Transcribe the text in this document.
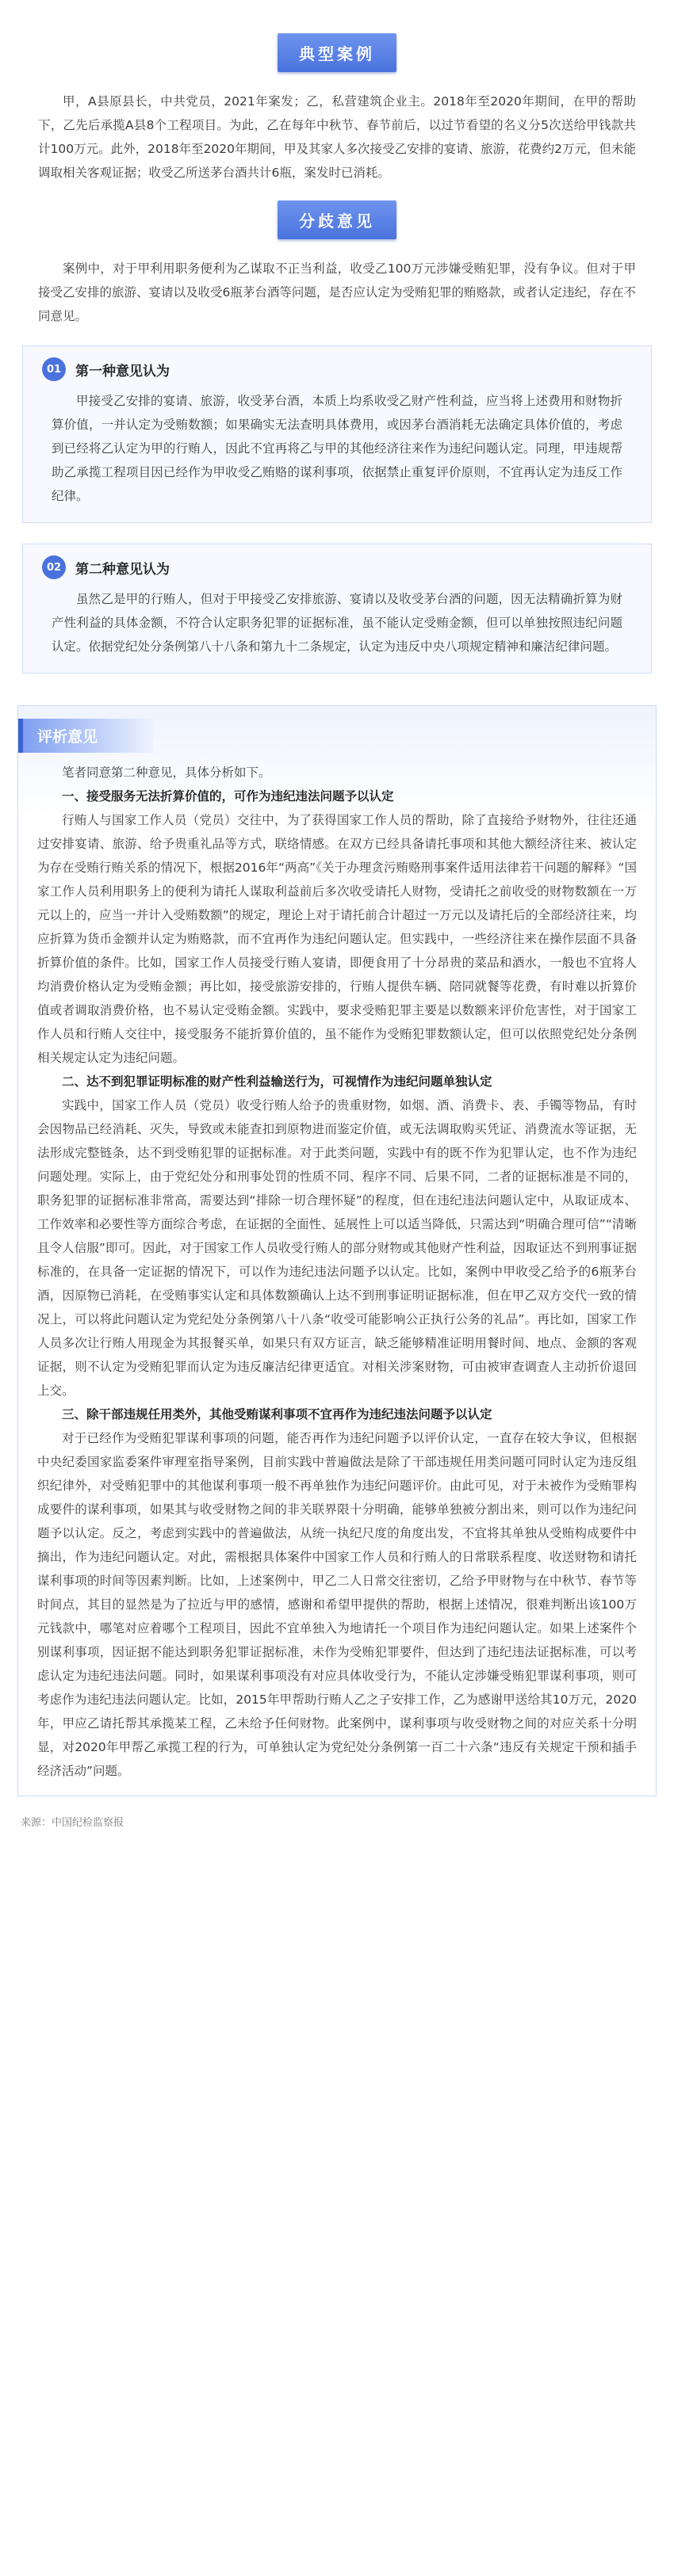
典型案例

甲，A县原县长，中共党员，2021年案发；乙，私营建筑企业主。2018年至2020年期间，在甲的帮助下，乙先后承揽A县8个工程项目。为此，乙在每年中秋节、春节前后，以过节看望的名义分5次送给甲钱款共计100万元。此外，2018年至2020年期间，甲及其家人多次接受乙安排的宴请、旅游，花费约2万元，但未能调取相关客观证据；收受乙所送茅台酒共计6瓶，案发时已消耗。

分歧意见

案例中，对于甲利用职务便利为乙谋取不正当利益，收受乙100万元涉嫌受贿犯罪，没有争议。但对于甲接受乙安排的旅游、宴请以及收受6瓶茅台酒等问题，是否应认定为受贿犯罪的贿赂款，或者认定违纪，存在不同意见。

01	第一种意见认为

甲接受乙安排的宴请、旅游，收受茅台酒，本质上均系收受乙财产性利益，应当将上述费用和财物折算价值，一并认定为受贿数额；如果确实无法查明具体费用，或因茅台酒消耗无法确定具体价值的，考虑到已经将乙认定为甲的行贿人，因此不宜再将乙与甲的其他经济往来作为违纪问题认定。同理，甲违规帮助乙承揽工程项目因已经作为甲收受乙贿赂的谋利事项，依据禁止重复评价原则，不宜再认定为违反工作纪律。

02	第二种意见认为

虽然乙是甲的行贿人，但对于甲接受乙安排旅游、宴请以及收受茅台酒的问题，因无法精确折算为财产性利益的具体金额，不符合认定职务犯罪的证据标准，虽不能认定受贿金额，但可以单独按照违纪问题认定。依据党纪处分条例第八十八条和第九十二条规定，认定为违反中央八项规定精神和廉洁纪律问题。

评析意见

笔者同意第二种意见，具体分析如下。

一、接受服务无法折算价值的，可作为违纪违法问题予以认定

行贿人与国家工作人员（党员）交往中，为了获得国家工作人员的帮助，除了直接给予财物外，往往还通过安排宴请、旅游、给予贵重礼品等方式，联络情感。在双方已经具备请托事项和其他大额经济往来、被认定为存在受贿行贿关系的情况下，根据2016年“两高”《关于办理贪污贿赂刑事案件适用法律若干问题的解释》“国家工作人员利用职务上的便利为请托人谋取利益前后多次收受请托人财物，受请托之前收受的财物数额在一万元以上的，应当一并计入受贿数额”的规定，理论上对于请托前合计超过一万元以及请托后的全部经济往来，均应折算为货币金额并认定为贿赂款，而不宜再作为违纪问题认定。但实践中，一些经济往来在操作层面不具备折算价值的条件。比如，国家工作人员接受行贿人宴请，即便食用了十分昂贵的菜品和酒水，一般也不宜将人均消费价格认定为受贿金额；再比如，接受旅游安排的，行贿人提供车辆、陪同就餐等花费，有时难以折算价值或者调取消费价格，也不易认定受贿金额。实践中，要求受贿犯罪主要是以数额来评价危害性，对于国家工作人员和行贿人交往中，接受服务不能折算价值的，虽不能作为受贿犯罪数额认定，但可以依照党纪处分条例相关规定认定为违纪问题。

二、达不到犯罪证明标准的财产性利益输送行为，可视情作为违纪问题单独认定

实践中，国家工作人员（党员）收受行贿人给予的贵重财物，如烟、酒、消费卡、表、手镯等物品，有时会因物品已经消耗、灭失，导致或未能查扣到原物进而鉴定价值，或无法调取购买凭证、消费流水等证据，无法形成完整链条，达不到受贿犯罪的证据标准。对于此类问题，实践中有的既不作为犯罪认定，也不作为违纪问题处理。实际上，由于党纪处分和刑事处罚的性质不同、程序不同、后果不同，二者的证据标准是不同的，职务犯罪的证据标准非常高，需要达到“排除一切合理怀疑”的程度，但在违纪违法问题认定中，从取证成本、工作效率和必要性等方面综合考虑，在证据的全面性、延展性上可以适当降低，只需达到“明确合理可信”“清晰且令人信服”即可。因此，对于国家工作人员收受行贿人的部分财物或其他财产性利益，因取证达不到刑事证据标准的，在具备一定证据的情况下，可以作为违纪违法问题予以认定。比如，案例中甲收受乙给予的6瓶茅台酒，因原物已消耗，在受贿事实认定和具体数额确认上达不到刑事证明证据标准，但在甲乙双方交代一致的情况上，可以将此问题认定为党纪处分条例第八十八条“收受可能影响公正执行公务的礼品”。再比如，国家工作人员多次让行贿人用现金为其报餐买单，如果只有双方证言，缺乏能够精准证明用餐时间、地点、金额的客观证据，则不认定为受贿犯罪而认定为违反廉洁纪律更适宜。对相关涉案财物，可由被审查调查人主动折价退回上交。

三、除干部违规任用类外，其他受贿谋利事项不宜再作为违纪违法问题予以认定

对于已经作为受贿犯罪谋利事项的问题，能否再作为违纪问题予以评价认定，一直存在较大争议，但根据中央纪委国家监委案件审理室指导案例，目前实践中普遍做法是除了干部违规任用类问题可同时认定为违反组织纪律外，对受贿犯罪中的其他谋利事项一般不再单独作为违纪问题评价。由此可见，对于未被作为受贿罪构成要件的谋利事项，如果其与收受财物之间的非关联界限十分明确，能够单独被分割出来，则可以作为违纪问题予以认定。反之，考虑到实践中的普遍做法，从统一执纪尺度的角度出发，不宜将其单独从受贿构成要件中摘出，作为违纪问题认定。对此，需根据具体案件中国家工作人员和行贿人的日常联系程度、收送财物和请托谋利事项的时间等因素判断。比如，上述案例中，甲乙二人日常交往密切，乙给予甲财物与在中秋节、春节等时间点，其目的显然是为了拉近与甲的感情，感谢和希望甲提供的帮助，根据上述情况，很难判断出该100万元钱款中，哪笔对应着哪个工程项目，因此不宜单独入为地请托一个项目作为违纪问题认定。如果上述案件个别谋利事项，因证据不能达到职务犯罪证据标准，未作为受贿犯罪要件，但达到了违纪违法证据标准，可以考虑认定为违纪违法问题。同时，如果谋利事项没有对应具体收受行为，不能认定涉嫌受贿犯罪谋利事项，则可考虑作为违纪违法问题认定。比如，2015年甲帮助行贿人乙之子安排工作，乙为感谢甲送给其10万元，2020年，甲应乙请托帮其承揽某工程，乙未给予任何财物。此案例中，谋利事项与收受财物之间的对应关系十分明显，对2020年甲帮乙承揽工程的行为，可单独认定为党纪处分条例第一百二十六条“违反有关规定干预和插手经济活动”问题。

来源：中国纪检监察报
